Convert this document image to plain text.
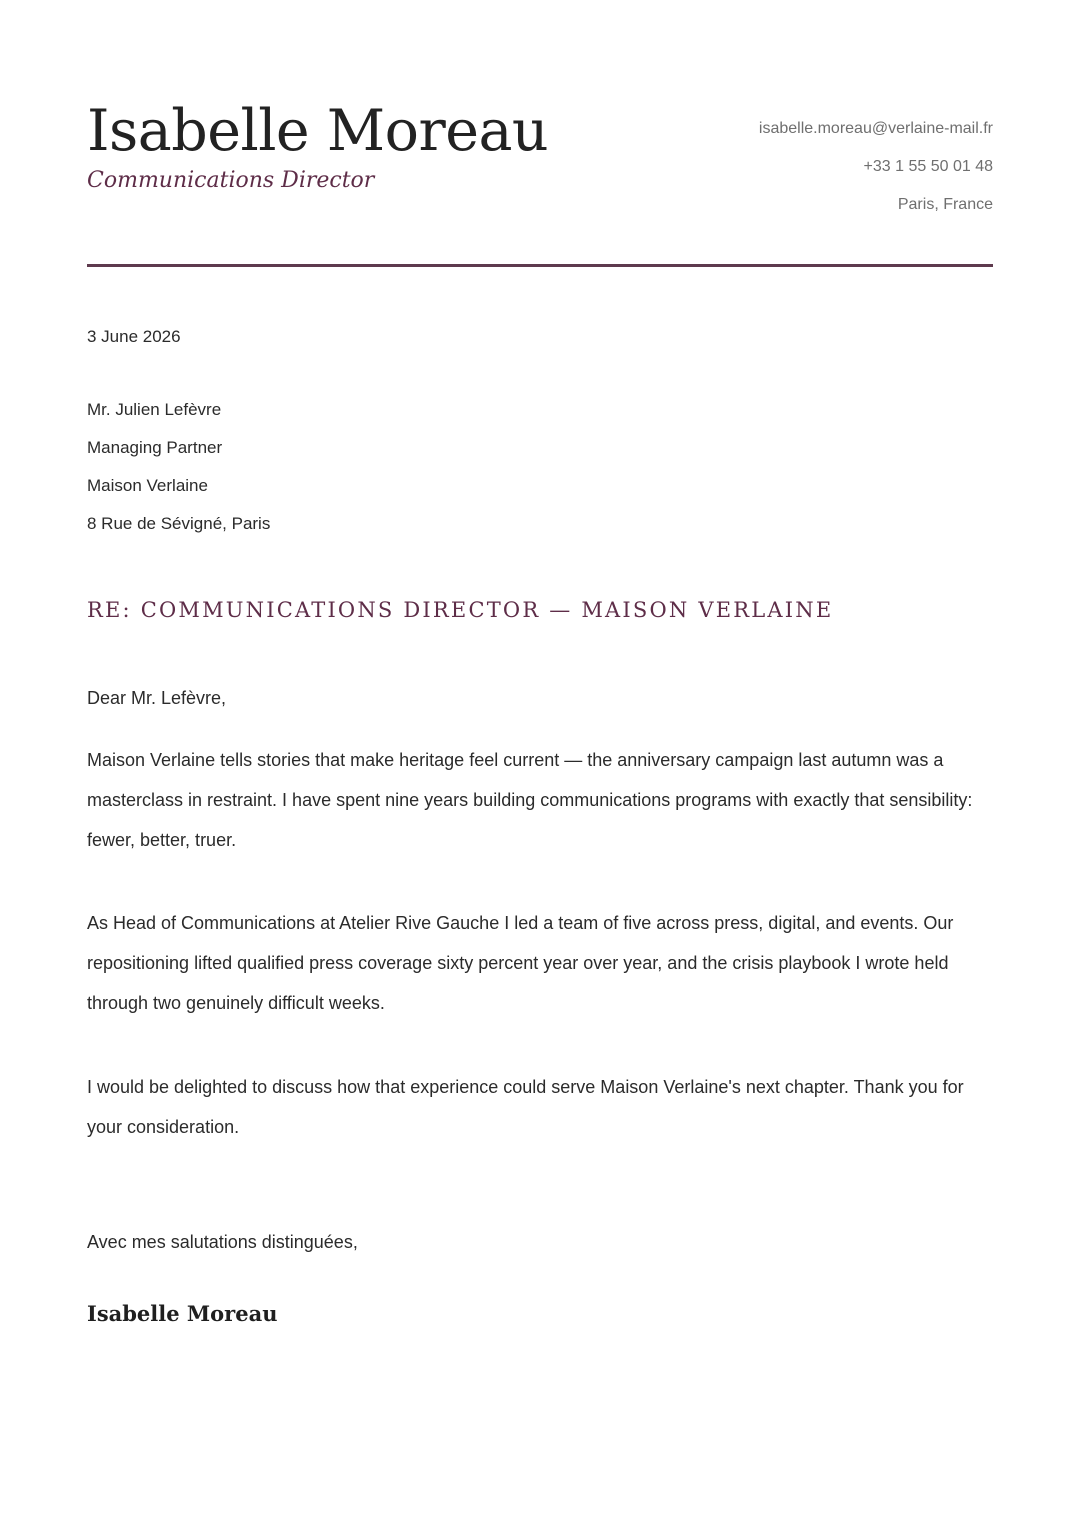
Isabelle Moreau
Communications Director
isabelle.moreau@verlaine-mail.fr
+33 1 55 50 01 48
Paris, France
3 June 2026
Mr. Julien Lefèvre
Managing Partner
Maison Verlaine
8 Rue de Sévigné, Paris
RE: COMMUNICATIONS DIRECTOR — MAISON VERLAINE
Dear Mr. Lefèvre,

Maison Verlaine tells stories that make heritage feel current — the anniversary campaign last autumn was a masterclass in restraint. I have spent nine years building communications programs with exactly that sensibility: fewer, better, truer.

As Head of Communications at Atelier Rive Gauche I led a team of five across press, digital, and events. Our repositioning lifted qualified press coverage sixty percent year over year, and the crisis playbook I wrote held through two genuinely difficult weeks.

I would be delighted to discuss how that experience could serve Maison Verlaine's next chapter. Thank you for your consideration.

Avec mes salutations distinguées,
Isabelle Moreau
